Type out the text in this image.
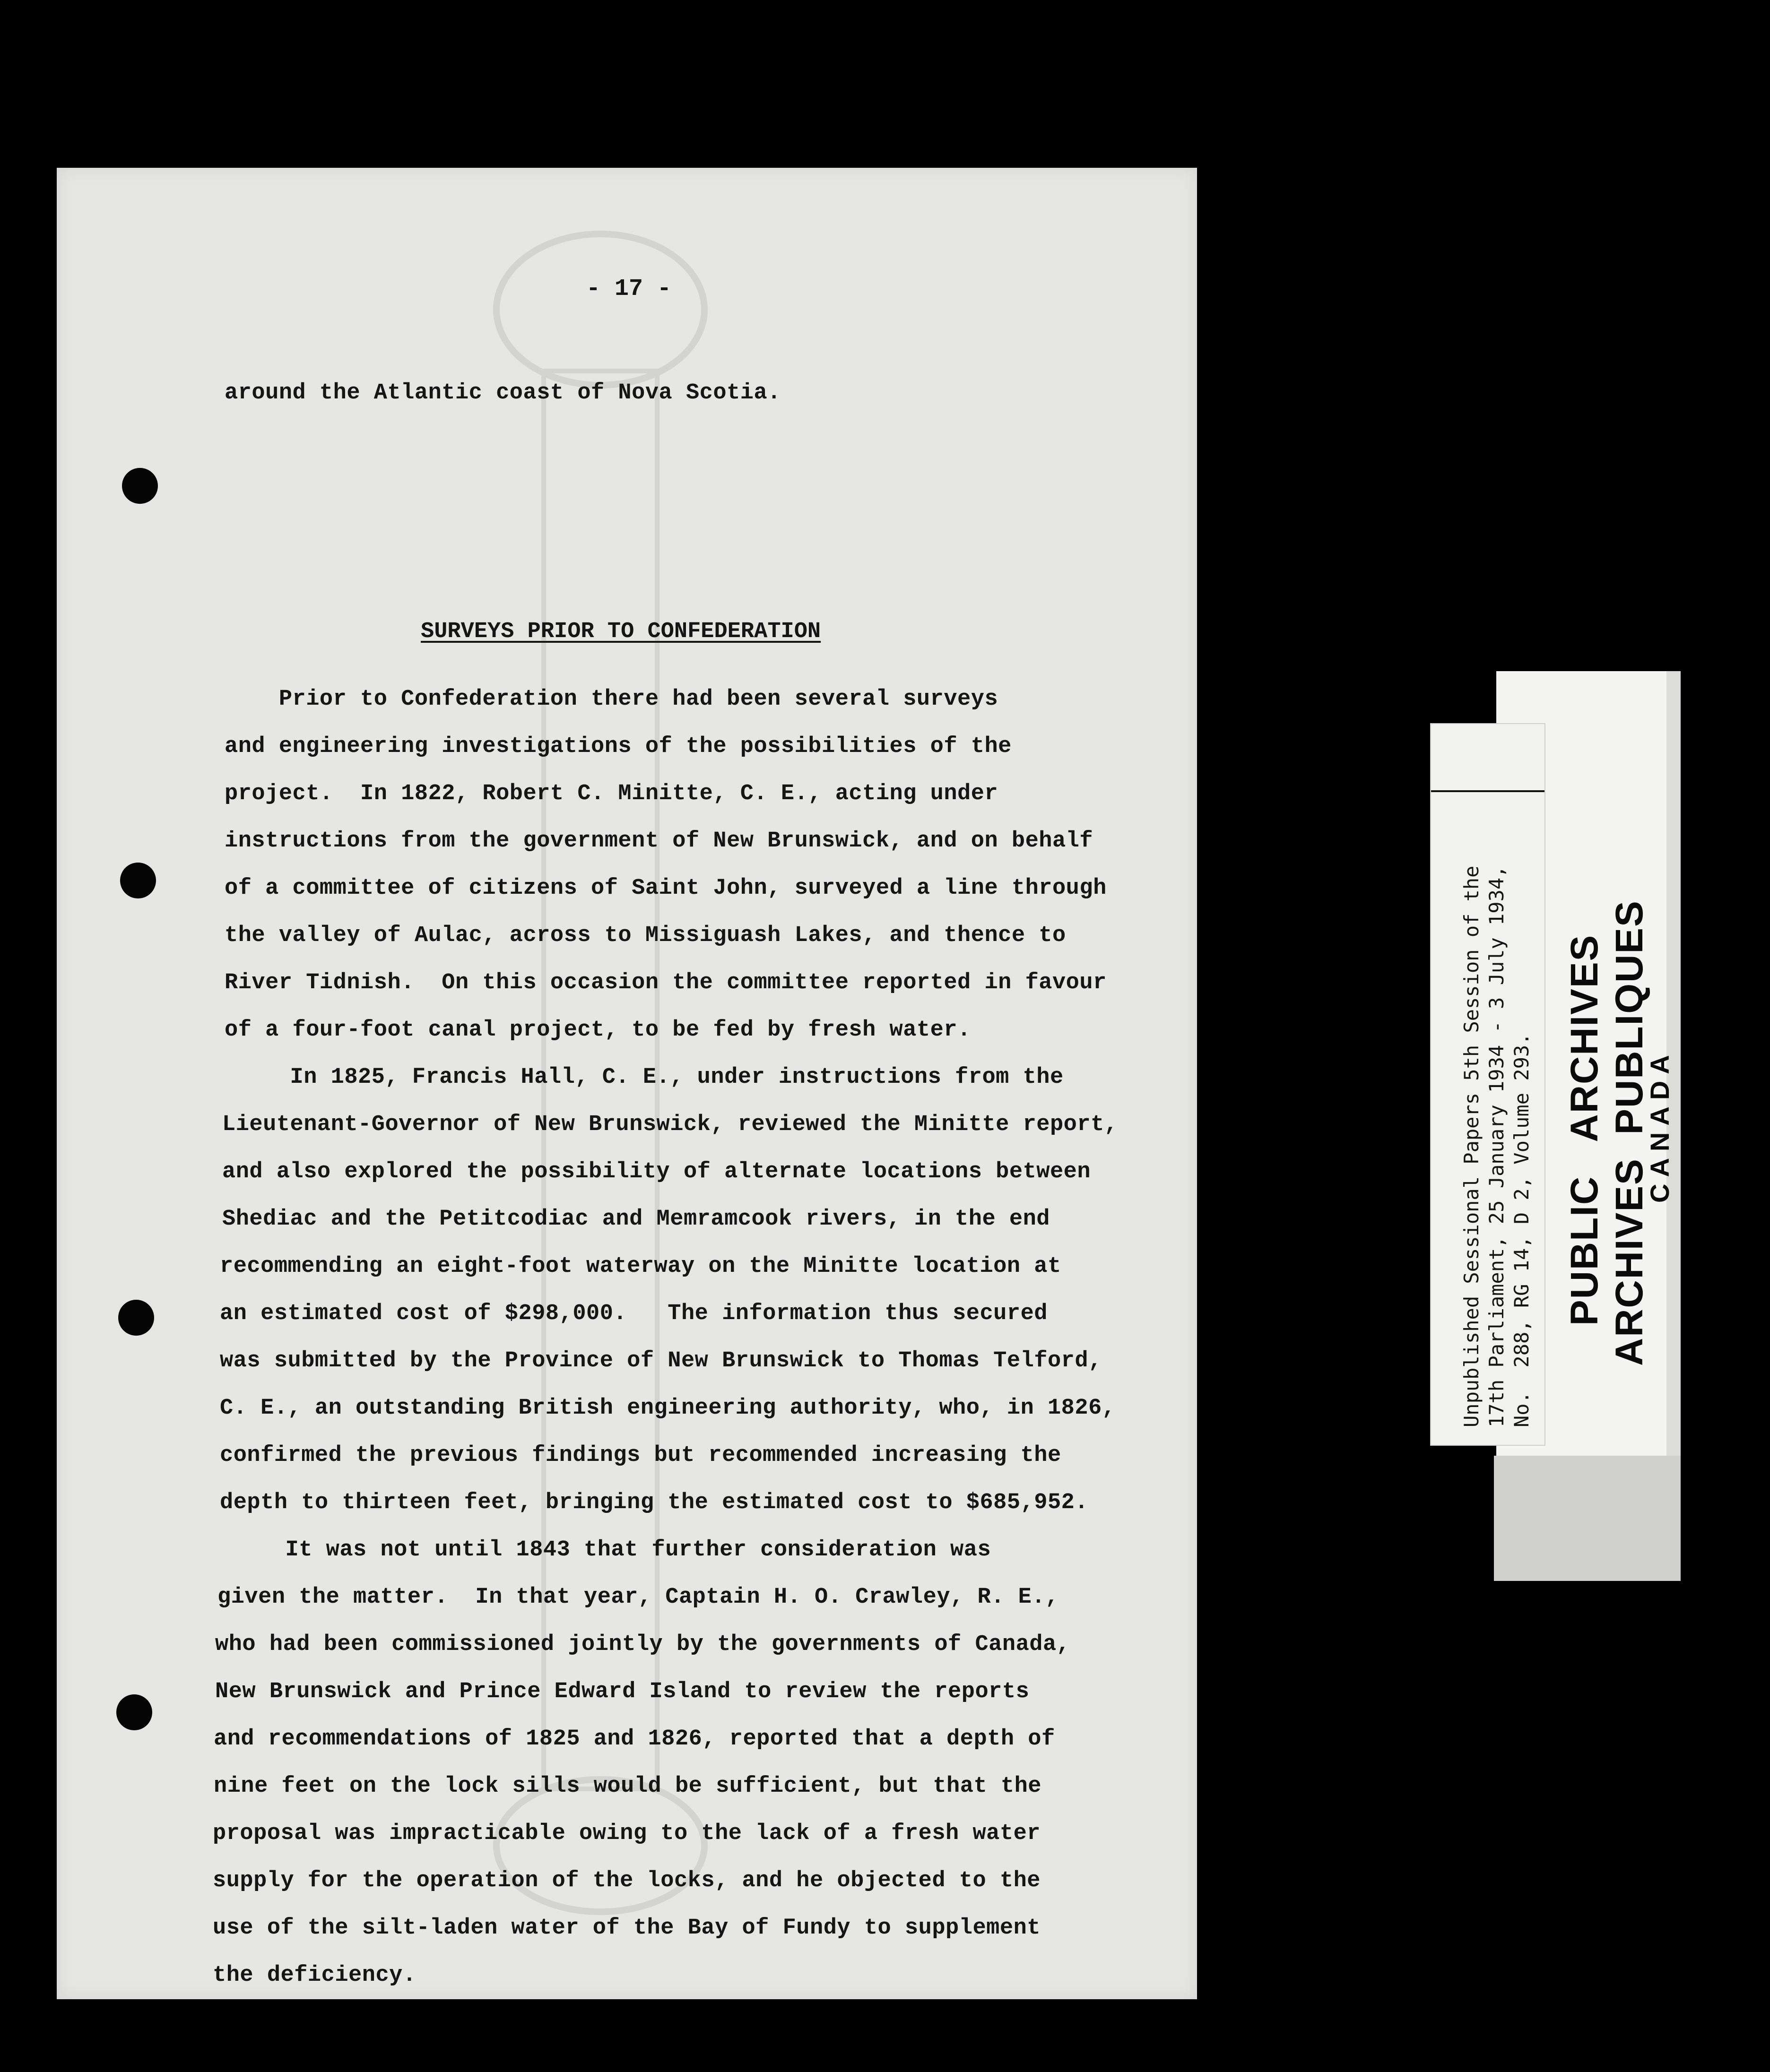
- 17 -
around the Atlantic coast of Nova Scotia.
SURVEYS PRIOR TO CONFEDERATION
Prior to Confederation there had been several surveys
and engineering investigations of the possibilities of the
project.  In 1822, Robert C. Minitte, C. E., acting under
instructions from the government of New Brunswick, and on behalf
of a committee of citizens of Saint John, surveyed a line through
the valley of Aulac, across to Missiguash Lakes, and thence to
River Tidnish.  On this occasion the committee reported in favour
of a four-foot canal project, to be fed by fresh water.
In 1825, Francis Hall, C. E., under instructions from the
Lieutenant-Governor of New Brunswick, reviewed the Minitte report,
and also explored the possibility of alternate locations between
Shediac and the Petitcodiac and Memramcook rivers, in the end
recommending an eight-foot waterway on the Minitte location at
an estimated cost of $298,000.   The information thus secured
was submitted by the Province of New Brunswick to Thomas Telford,
C. E., an outstanding British engineering authority, who, in 1826,
confirmed the previous findings but recommended increasing the
depth to thirteen feet, bringing the estimated cost to $685,952.
It was not until 1843 that further consideration was
given the matter.  In that year, Captain H. O. Crawley, R. E.,
who had been commissioned jointly by the governments of Canada,
New Brunswick and Prince Edward Island to review the reports
and recommendations of 1825 and 1826, reported that a depth of
nine feet on the lock sills would be sufficient, but that the
proposal was impracticable owing to the lack of a fresh water
supply for the operation of the locks, and he objected to the
use of the silt-laden water of the Bay of Fundy to supplement
the deficiency.
Unpublished Sessional Papers 5th Session of the
17th Parliament, 25 January 1934 - 3 July 1934,
No.  288, RG 14, D 2, Volume 293. PUBLIC   ARCHIVES ARCHIVES  PUBLIQUES
CANADA
